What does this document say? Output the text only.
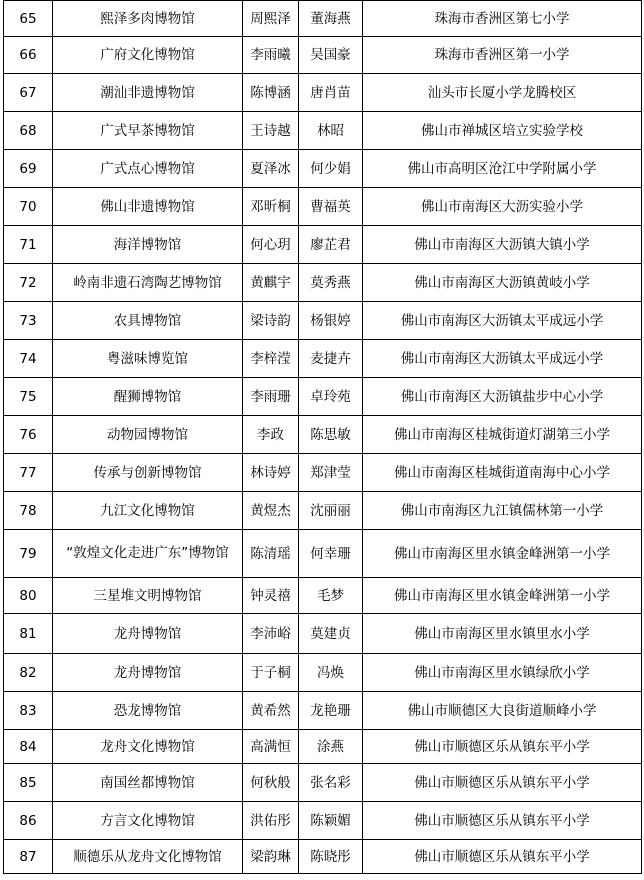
65	熙泽多肉博物馆	周熙泽	董海燕	珠海市香洲区第七小学
66	广府文化博物馆	李雨曦	吴国豪	珠海市香洲区第一小学
67	潮汕非遗博物馆	陈博涵	唐肖苗	汕头市长厦小学龙腾校区
68	广式早茶博物馆	王诗越	林昭	佛山市禅城区培立实验学校
69	广式点心博物馆	夏泽冰	何少娟	佛山市高明区沧江中学附属小学
70	佛山非遗博物馆	邓昕桐	曹福英	佛山市南海区大沥实验小学
71	海洋博物馆	何心玥	廖芷君	佛山市南海区大沥镇大镇小学
72	岭南非遗石湾陶艺博物馆	黄麒宇	莫秀燕	佛山市南海区大沥镇黄岐小学
73	农具博物馆	梁诗韵	杨银婷	佛山市南海区大沥镇太平成远小学
74	粤滋味博览馆	李梓滢	麦捷卉	佛山市南海区大沥镇太平成远小学
75	醒狮博物馆	李雨珊	卓玲苑	佛山市南海区大沥镇盐步中心小学
76	动物园博物馆	李政	陈思敏	佛山市南海区桂城街道灯湖第三小学
77	传承与创新博物馆	林诗婷	郑津莹	佛山市南海区桂城街道南海中心小学
78	九江文化博物馆	黄煜杰	沈丽丽	佛山市南海区九江镇儒林第一小学
79	“敦煌文化走进广东”博物馆	陈清瑶	何幸珊	佛山市南海区里水镇金峰洲第一小学
80	三星堆文明博物馆	钟灵禧	毛梦	佛山市南海区里水镇金峰洲第一小学
81	龙舟博物馆	李沛峪	莫建贞	佛山市南海区里水镇里水小学
82	龙舟博物馆	于子桐	冯焕	佛山市南海区里水镇绿欣小学
83	恐龙博物馆	黄希然	龙艳珊	佛山市顺德区大良街道顺峰小学
84	龙舟文化博物馆	高满恒	涂燕	佛山市顺德区乐从镇东平小学
85	南国丝都博物馆	何秋般	张名彩	佛山市顺德区乐从镇东平小学
86	方言文化博物馆	洪佑彤	陈颖媚	佛山市顺德区乐从镇东平小学
87	顺德乐从龙舟文化博物馆	梁韵琳	陈晓彤	佛山市顺德区乐从镇东平小学
